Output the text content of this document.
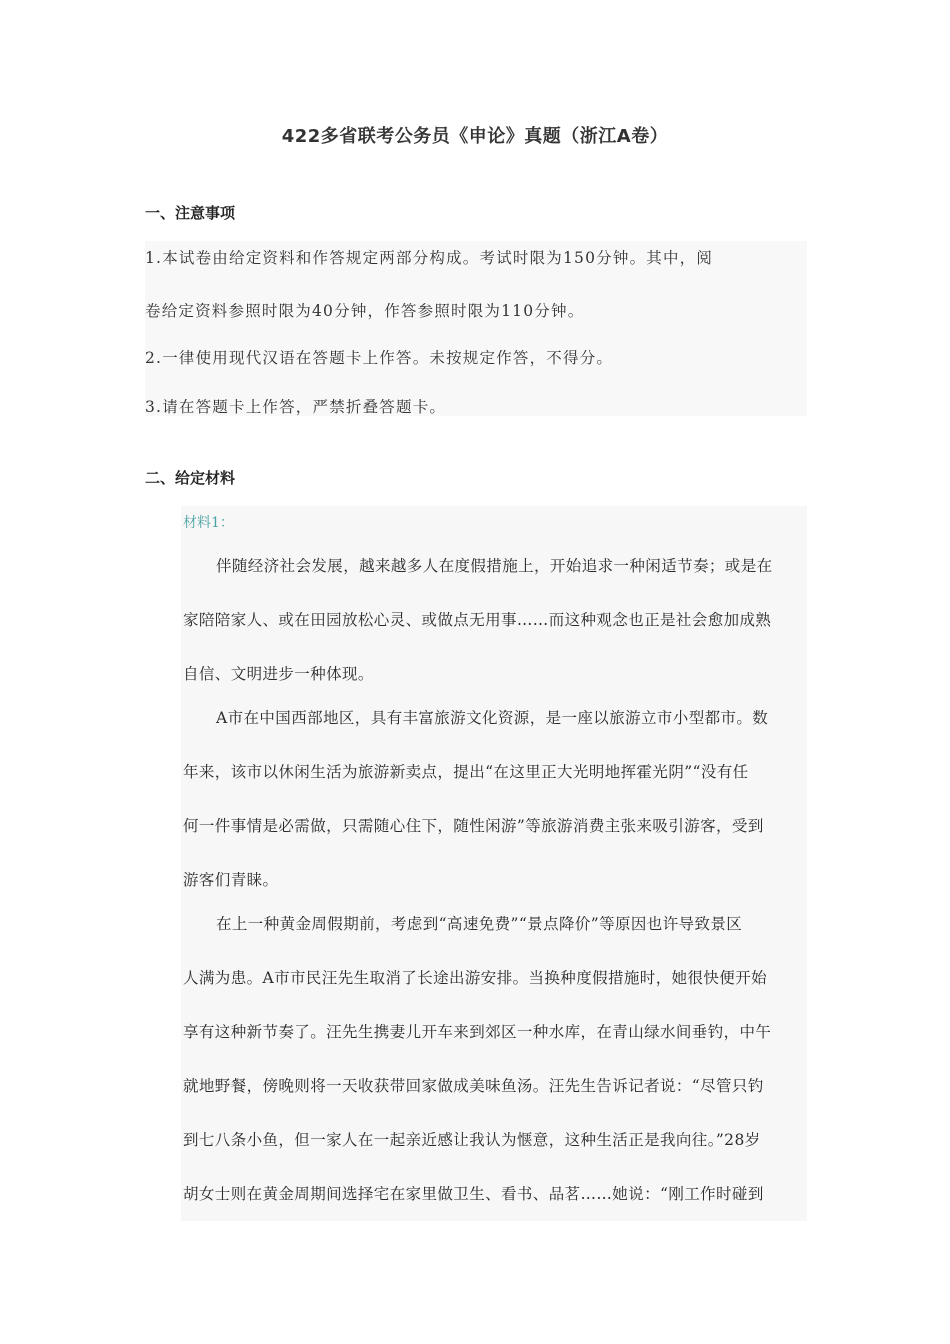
422多省联考公务员《申论》真题（浙江A卷）
一、注意事项
1.本试卷由给定资料和作答规定两部分构成。考试时限为150分钟。其中，阅
卷给定资料参照时限为40分钟，作答参照时限为110分钟。
2.一律使用现代汉语在答题卡上作答。未按规定作答，不得分。
3.请在答题卡上作答，严禁折叠答题卡。
二、给定材料
材料1：
伴随经济社会发展，越来越多人在度假措施上，开始追求一种闲适节奏；或是在
家陪陪家人、或在田园放松心灵、或做点无用事……而这种观念也正是社会愈加成熟
自信、文明进步一种体现。
A市在中国西部地区，具有丰富旅游文化资源，是一座以旅游立市小型都市。数
年来，该市以休闲生活为旅游新卖点，提出“在这里正大光明地挥霍光阴”“没有任
何一件事情是必需做，只需随心住下，随性闲游”等旅游消费主张来吸引游客，受到
游客们青睐。
在上一种黄金周假期前，考虑到“高速免费”“景点降价”等原因也许导致景区
人满为患。A市市民汪先生取消了长途出游安排。当换种度假措施时，她很快便开始
享有这种新节奏了。汪先生携妻儿开车来到郊区一种水库，在青山绿水间垂钓，中午
就地野餐，傍晚则将一天收获带回家做成美味鱼汤。汪先生告诉记者说：“尽管只钓
到七八条小鱼，但一家人在一起亲近感让我认为惬意，这种生活正是我向往。”28岁
胡女士则在黄金周期间选择宅在家里做卫生、看书、品茗……她说：“刚工作时碰到
